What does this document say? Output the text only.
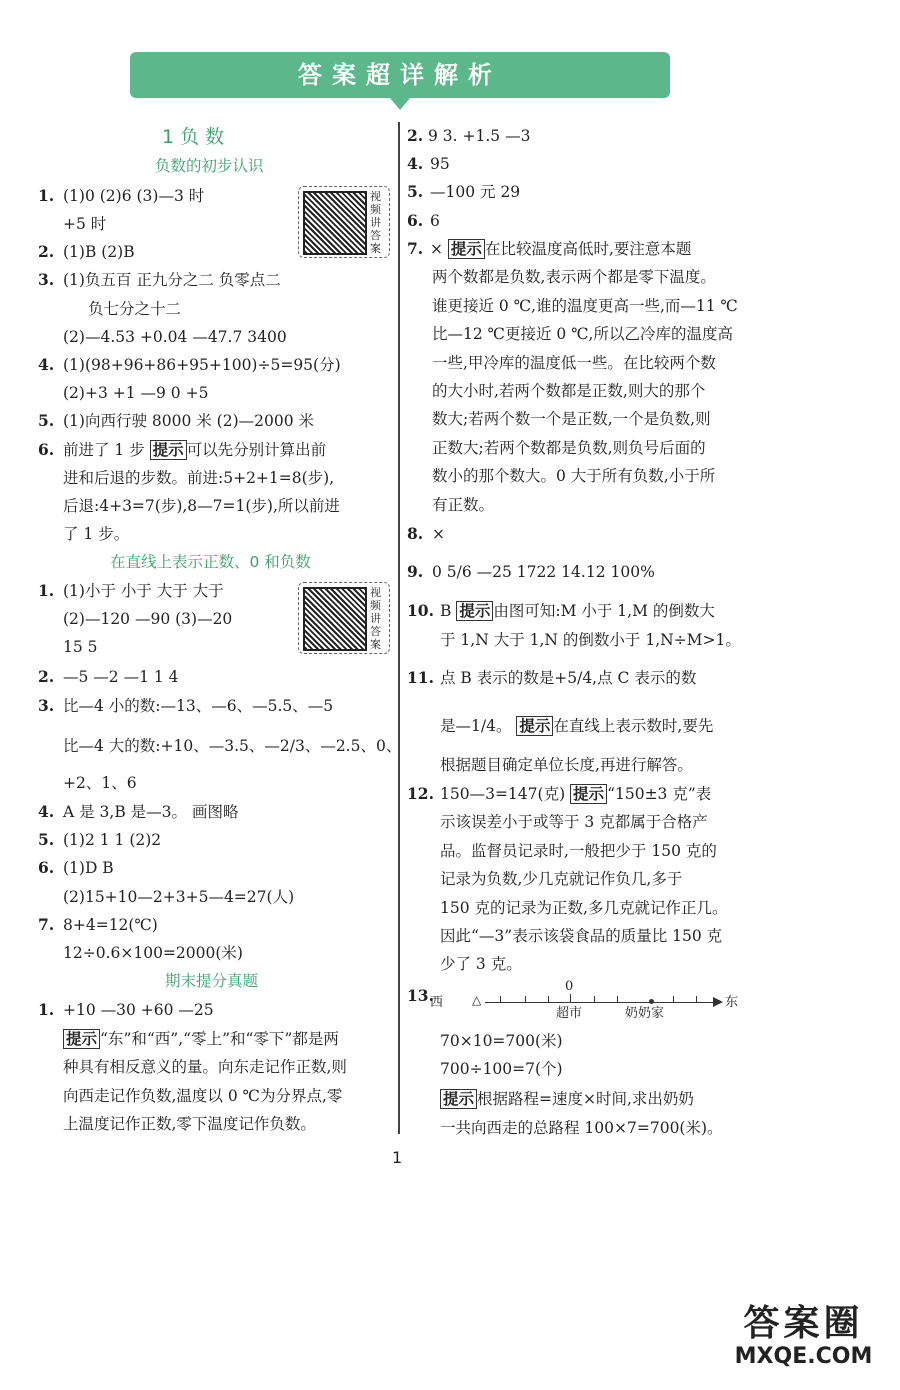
答案超详解析
1 负 数
负数的初步认识
视频讲答案
1. (1)0 (2)6 (3)—3 时
+5 时
2. (1)B (2)B
3. (1)负五百 正九分之二 负零点二
负七分之十二
(2)—4.53 +0.04 —47.7 3400
4. (1)(98+96+86+95+100)÷5=95(分)
(2)+3 +1 —9 0 +5
5. (1)向西行驶 8000 米 (2)—2000 米
6. 前进了 1 步 提示 可以先分别计算出前
进和后退的步数。前进:5+2+1=8(步),
后退:4+3=7(步),8—7=1(步),所以前进
了 1 步。
在直线上表示正数、0 和负数
视频讲答案
1. (1)小于 小于 大于 大于
(2)—120 —90 (3)—20
15 5
2. —5 —2 —1 1 4
3. 比—4 小的数:—13、—6、—5.5、—5
比—4 大的数:+10、—3.5、—2/3、—2.5、0、
+2、1、6
4. A 是 3,B 是—3。 画图略
5. (1)2 1 1 (2)2
6. (1)D B
(2)15+10—2+3+5—4=27(人)
7. 8+4=12(℃)
12÷0.6×100=2000(米)
期末提分真题
1. +10 —30 +60 —25
提示 “东”和“西”,“零上”和“零下”都是两
种具有相反意义的量。向东走记作正数,则
向西走记作负数,温度以 0 ℃为分界点,零
上温度记作正数,零下温度记作负数。
2. 9 3. +1.5 —3
4. 95
5. —100 元 29
6. 6
7. × 提示 在比较温度高低时,要注意本题
两个数都是负数,表示两个都是零下温度。
谁更接近 0 ℃,谁的温度更高一些,而—11 ℃
比—12 ℃更接近 0 ℃,所以乙冷库的温度高
一些,甲冷库的温度低一些。在比较两个数
的大小时,若两个数都是正数,则大的那个
数大;若两个数一个是正数,一个是负数,则
正数大;若两个数都是负数,则负号后面的
数小的那个数大。0 大于所有负数,小于所
有正数。
8. ×
9. 0 5/6 —25 1722 14.12 100%
10. B 提示 由图可知:M 小于 1,M 的倒数大
于 1,N 大于 1,N 的倒数小于 1,N÷M>1。
11. 点 B 表示的数是+5/4,点 C 表示的数
是—1/4。 提示 在直线上表示数时,要先
根据题目确定单位长度,再进行解答。
12. 150—3=147(克) 提示 “150±3 克”表
示该误差小于或等于 3 克都属于合格产
品。监督员记录时,一般把少于 150 克的
记录为负数,少几克就记作负几,多于
150 克的记录为正数,多几克就记作正几。
因此“—3”表示该袋食品的质量比 150 克
少了 3 克。
13.
70×10=700(米)
700÷100=7(个)
提示 根据路程=速度×时间,求出奶奶
一共向西走的总路程 100×7=700(米)。
西 △
0
超市	奶奶家
东
1
答案圈
MXQE.COM
